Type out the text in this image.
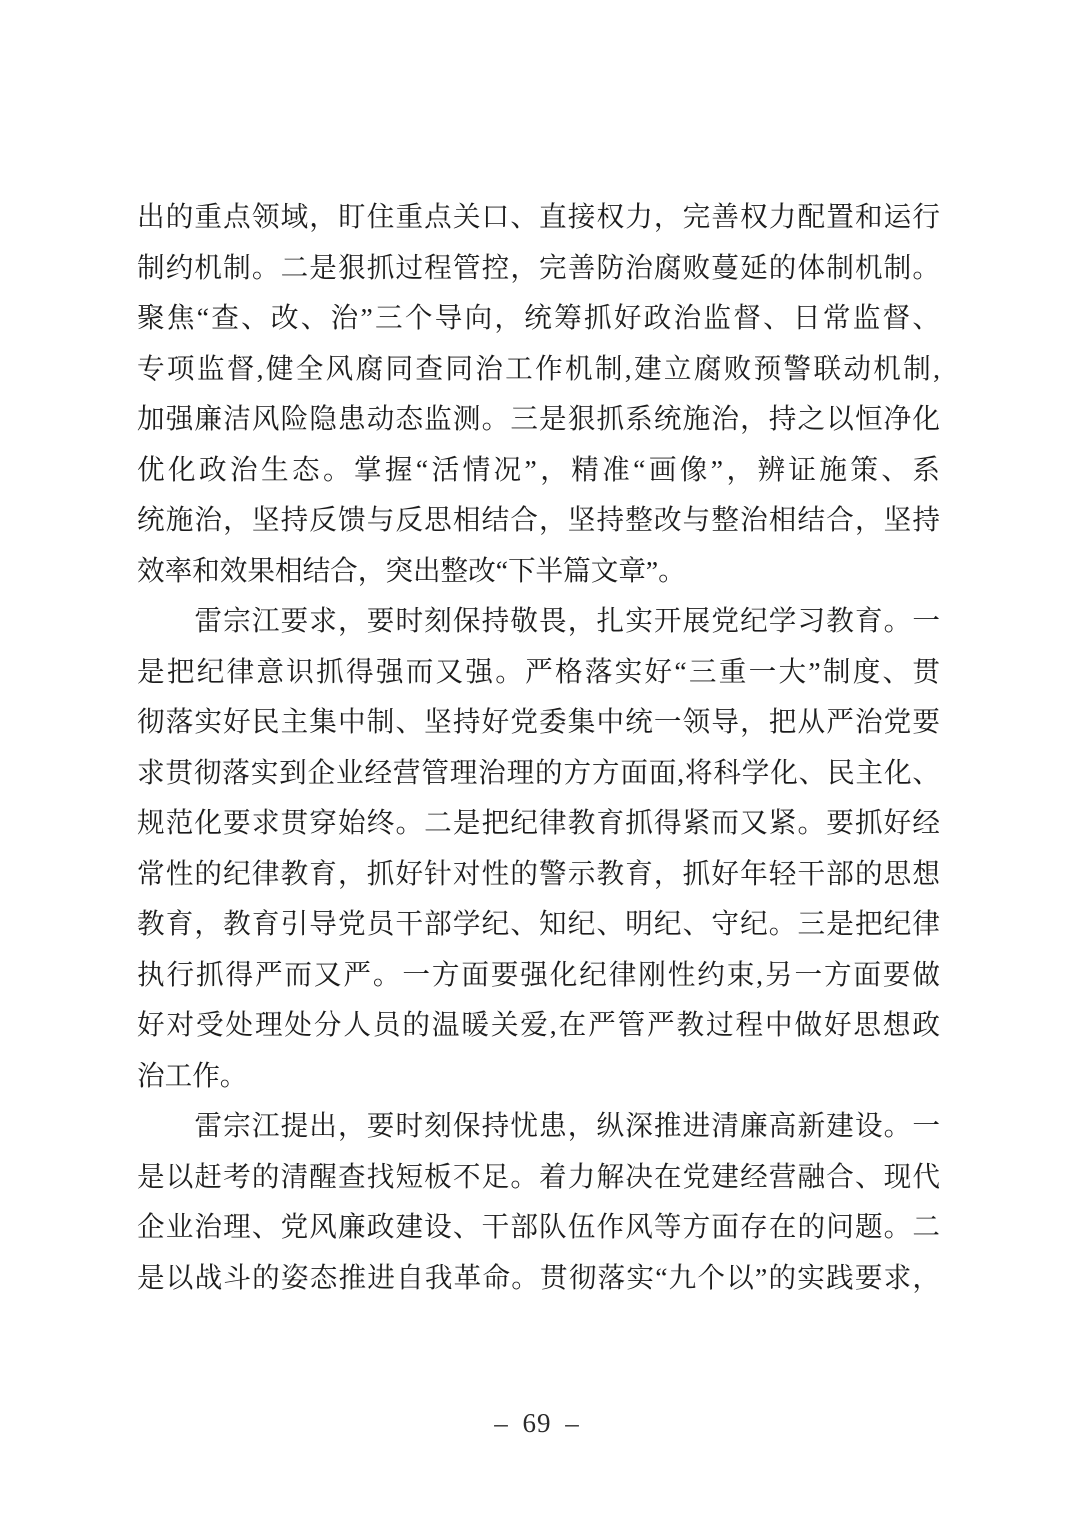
出的重点领域，盯住重点关口、直接权力，完善权力配置和运行
制约机制。二是狠抓过程管控，完善防治腐败蔓延的体制机制。
聚焦“查、改、治”三个导向，统筹抓好政治监督、日常监督、
专项监督,健全风腐同查同治工作机制,建立腐败预警联动机制,
加强廉洁风险隐患动态监测。三是狠抓系统施治，持之以恒净化
优化政治生态。掌握“活情况”，精准“画像”，辨证施策、系
统施治，坚持反馈与反思相结合，坚持整改与整治相结合，坚持
效率和效果相结合，突出整改“下半篇文章”。
　　雷宗江要求，要时刻保持敬畏，扎实开展党纪学习教育。一
是把纪律意识抓得强而又强。严格落实好“三重一大”制度、贯
彻落实好民主集中制、坚持好党委集中统一领导，把从严治党要
求贯彻落实到企业经营管理治理的方方面面,将科学化、民主化、
规范化要求贯穿始终。二是把纪律教育抓得紧而又紧。要抓好经
常性的纪律教育，抓好针对性的警示教育，抓好年轻干部的思想
教育，教育引导党员干部学纪、知纪、明纪、守纪。三是把纪律
执行抓得严而又严。一方面要强化纪律刚性约束,另一方面要做
好对受处理处分人员的温暖关爱,在严管严教过程中做好思想政
治工作。
　　雷宗江提出，要时刻保持忧患，纵深推进清廉高新建设。一
是以赶考的清醒查找短板不足。着力解决在党建经营融合、现代
企业治理、党风廉政建设、干部队伍作风等方面存在的问题。二
是以战斗的姿态推进自我革命。贯彻落实“九个以”的实践要求，
– 69 –
